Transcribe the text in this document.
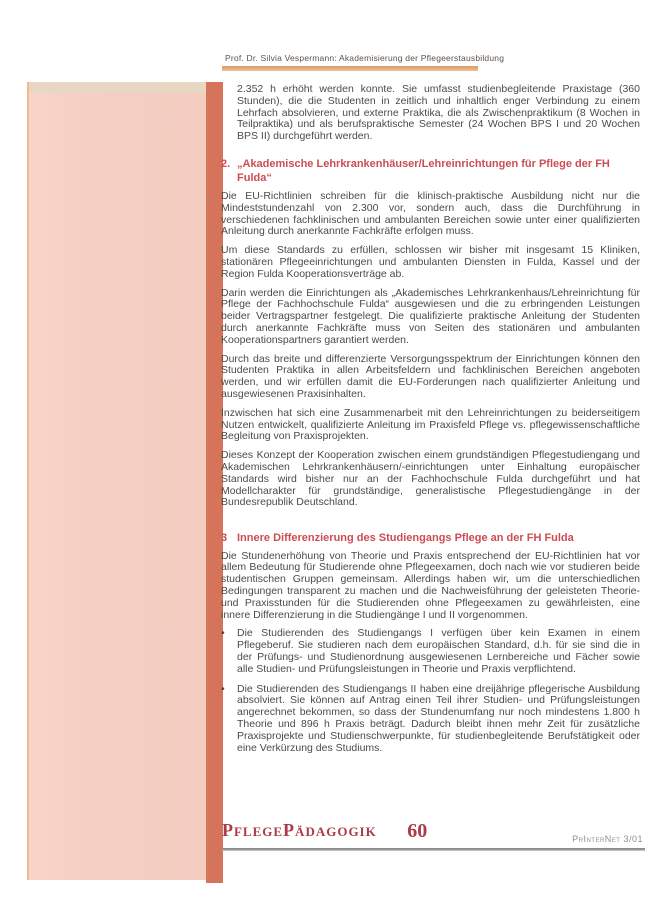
Prof. Dr. Silvia Vespermann: Akademisierung der Pflegeerstausbildung

2.352 h erhöht werden konnte. Sie umfasst studienbegleitende Praxistage (360 Stunden), die die Studenten in zeitlich und inhaltlich enger Verbindung zu einem Lehrfach absolvieren, und externe Praktika, die als Zwischenpraktikum (8 Wochen in Teilpraktika) und als berufspraktische Semester (24 Wochen BPS I und 20 Wochen BPS II) durchgeführt werden.

2. „Akademische Lehrkrankenhäuser/Lehreinrichtungen für Pflege der FH Fulda“

Die EU-Richtlinien schreiben für die klinisch-praktische Ausbildung nicht nur die Mindeststundenzahl von 2.300 vor, sondern auch, dass die Durchführung in verschiedenen fachklinischen und ambulanten Bereichen sowie unter einer qualifizierten Anleitung durch anerkannte Fachkräfte erfolgen muss.

Um diese Standards zu erfüllen, schlossen wir bisher mit insgesamt 15 Kliniken, stationären Pflegeeinrichtungen und ambulanten Diensten in Fulda, Kassel und der Region Fulda Kooperationsverträge ab.

Darin werden die Einrichtungen als „Akademisches Lehrkrankenhaus/Lehreinrichtung für Pflege der Fachhochschule Fulda“ ausgewiesen und die zu erbringenden Leistungen beider Vertragspartner festgelegt. Die qualifizierte praktische Anleitung der Studenten durch anerkannte Fachkräfte muss von Seiten des stationären und ambulanten Kooperationspartners garantiert werden.

Durch das breite und differenzierte Versorgungsspektrum der Einrichtungen können den Studenten Praktika in allen Arbeitsfeldern und fachklinischen Bereichen angeboten werden, und wir erfüllen damit die EU-Forderungen nach qualifizierter Anleitung und ausgewiesenen Praxisinhalten.

Inzwischen hat sich eine Zusammenarbeit mit den Lehreinrichtungen zu beiderseitigem Nutzen entwickelt, qualifizierte Anleitung im Praxisfeld Pflege vs. pflegewissenschaftliche Begleitung von Praxisprojekten.

Dieses Konzept der Kooperation zwischen einem grundständigen Pflegestudiengang und Akademischen Lehrkrankenhäusern/-einrichtungen unter Einhaltung europäischer Standards wird bisher nur an der Fachhochschule Fulda durchgeführt und hat Modellcharakter für grundständige, generalistische Pflegestudiengänge in der Bundesrepublik Deutschland.

3 Innere Differenzierung des Studiengangs Pflege an der FH Fulda

Die Stundenerhöhung von Theorie und Praxis entsprechend der EU-Richtlinien hat vor allem Bedeutung für Studierende ohne Pflegeexamen, doch nach wie vor studieren beide studentischen Gruppen gemeinsam. Allerdings haben wir, um die unterschiedlichen Bedingungen transparent zu machen und die Nachweisführung der geleisteten Theorie- und Praxisstunden für die Studierenden ohne Pflegeexamen zu gewährleisten, eine innere Differenzierung in die Studiengänge I und II vorgenommen.

•	Die Studierenden des Studiengangs I verfügen über kein Examen in einem Pflegeberuf. Sie studieren nach dem europäischen Standard, d.h. für sie sind die in der Prüfungs- und Studienordnung ausgewiesenen Lernbereiche und Fächer sowie alle Studien- und Prüfungsleistungen in Theorie und Praxis verpflichtend.
•	Die Studierenden des Studiengangs II haben eine dreijährige pflegerische Ausbildung absolviert. Sie können auf Antrag einen Teil ihrer Studien- und Prüfungsleistungen angerechnet bekommen, so dass der Stundenumfang nur noch mindestens 1.800 h Theorie und 896 h Praxis beträgt. Dadurch bleibt ihnen mehr Zeit für zusätzliche Praxisprojekte und Studienschwerpunkte, für studienbegleitende Berufstätigkeit oder eine Verkürzung des Studiums.
PflegePädagogik 60	PrInterNet 3/01
